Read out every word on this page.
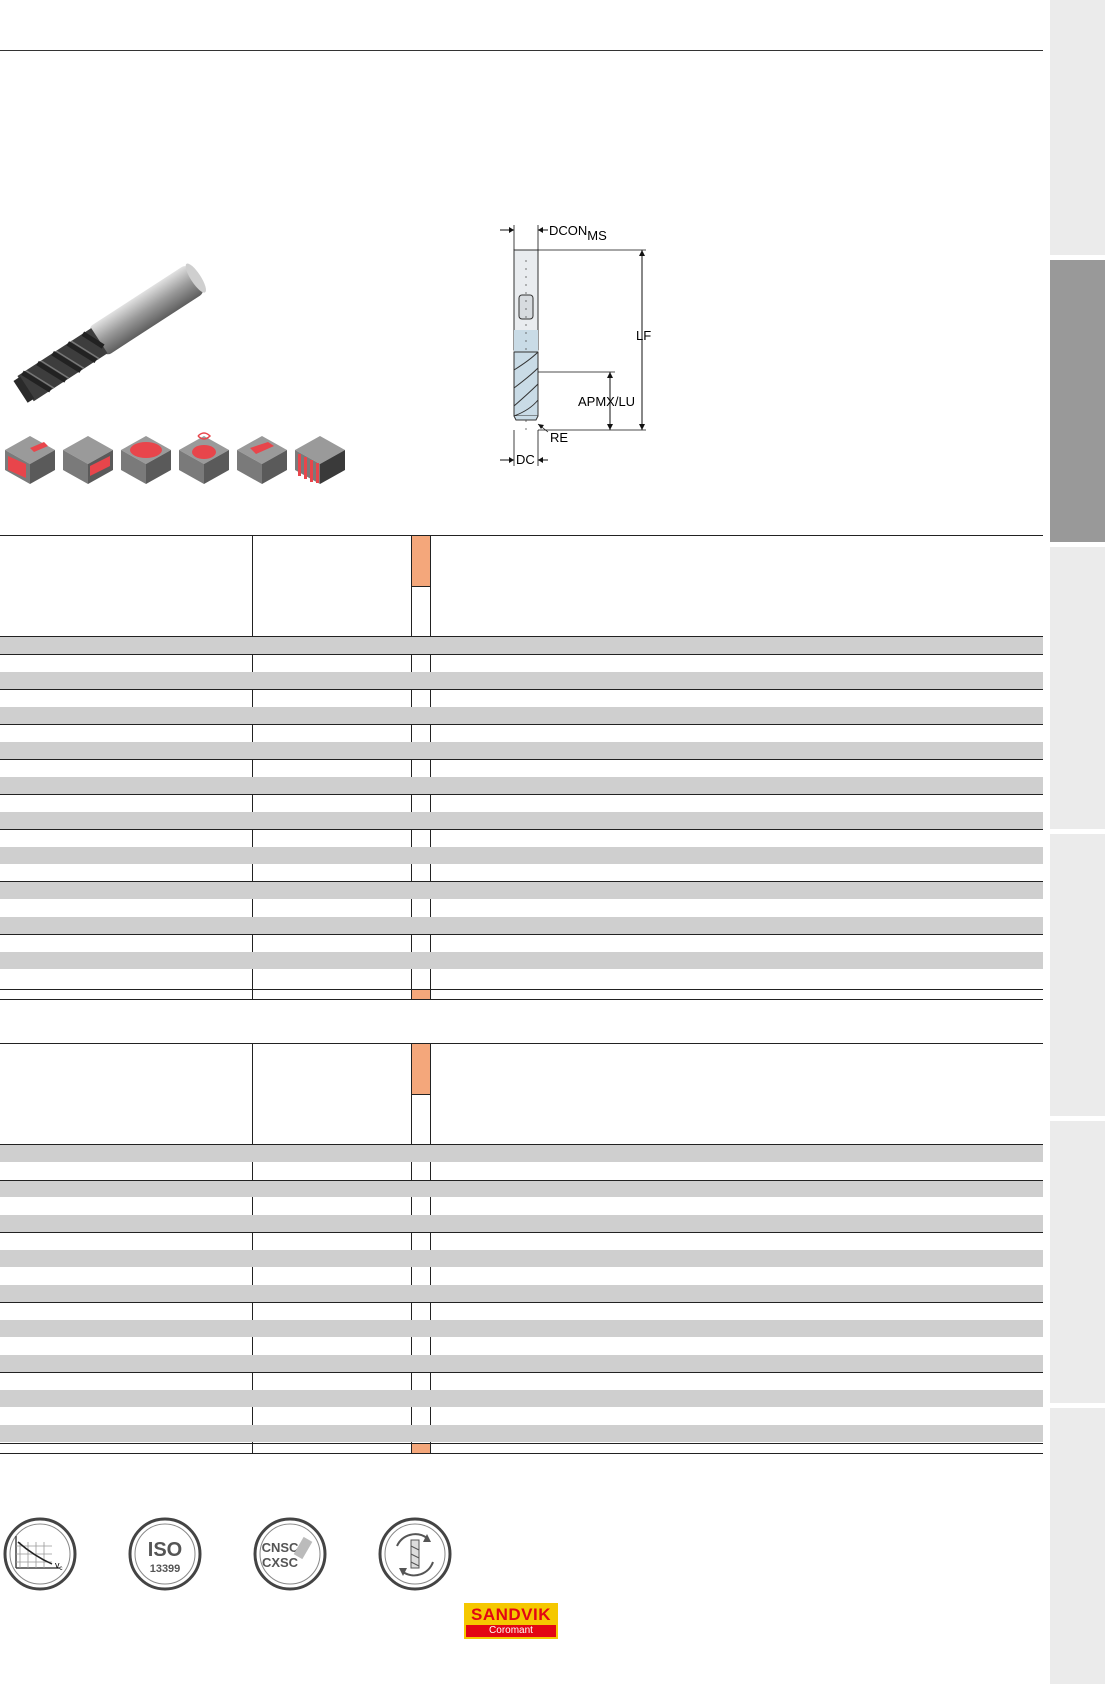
DCONMS
LF
APMX/LU
RE
DC
$v_c$
ISO
13399
CNSC
CXSC
SANDVIK
Coromant
